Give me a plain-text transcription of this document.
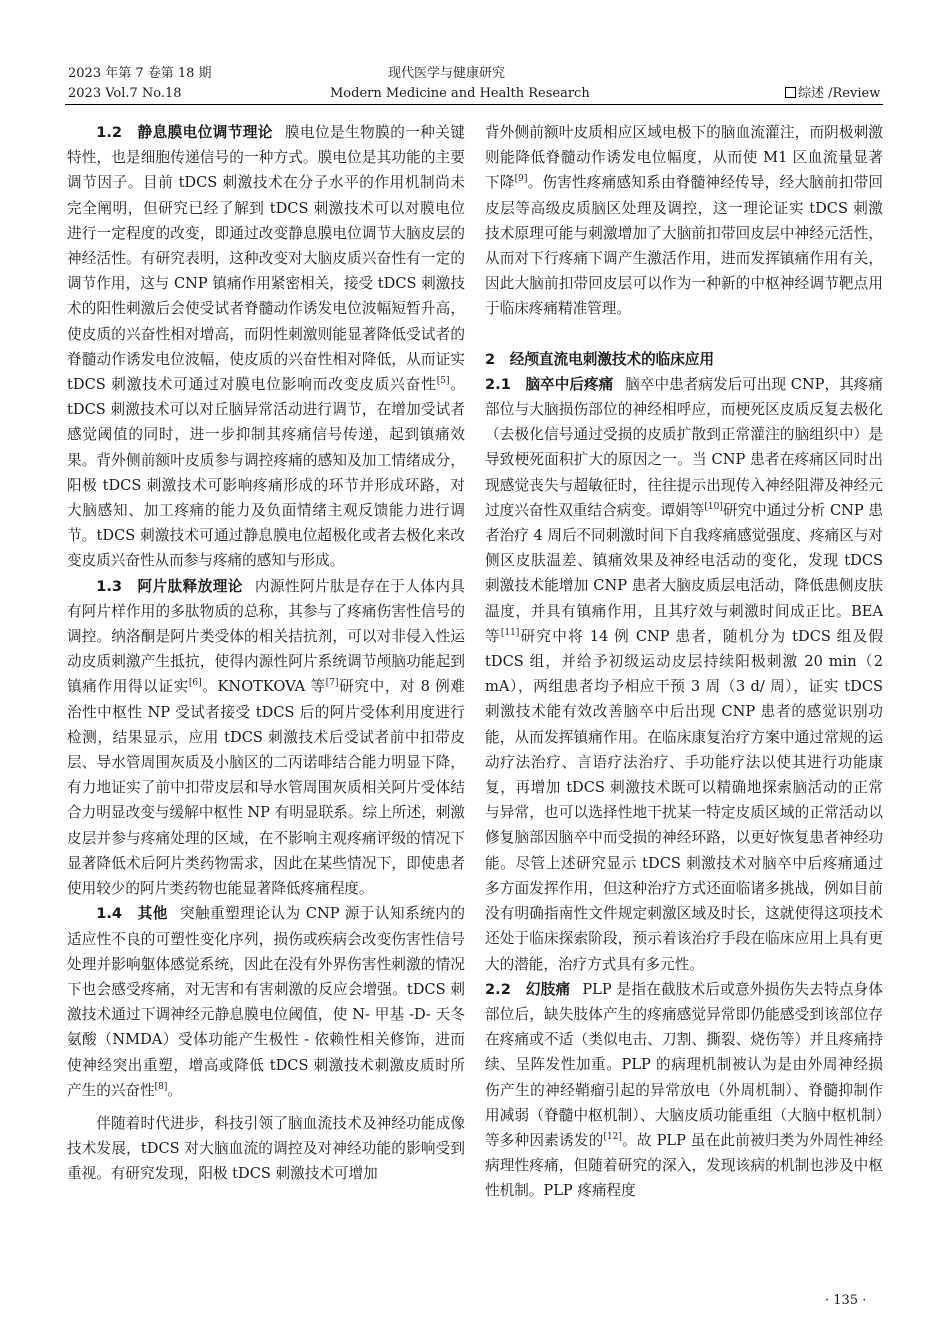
2023 年第 7 卷第 18 期
2023 Vol.7 No.18
现代医学与健康研究
Modern Medicine and Health Research	综述 /Review

1.2　静息膜电位调节理论 膜电位是生物膜的一种关键特性，也是细胞传递信号的一种方式。膜电位是其功能的主要调节因子。目前 tDCS 刺激技术在分子水平的作用机制尚未完全阐明，但研究已经了解到 tDCS 刺激技术可以对膜电位进行一定程度的改变，即通过改变静息膜电位调节大脑皮层的神经活性。有研究表明，这种改变对大脑皮质兴奋性有一定的调节作用，这与 CNP 镇痛作用紧密相关，接受 tDCS 刺激技术的阳性刺激后会使受试者脊髓动作诱发电位波幅短暂升高，使皮质的兴奋性相对增高，而阴性刺激则能显著降低受试者的脊髓动作诱发电位波幅，使皮质的兴奋性相对降低，从而证实 tDCS 刺激技术可通过对膜电位影响而改变皮质兴奋性[5]。tDCS 刺激技术可以对丘脑异常活动进行调节，在增加受试者感觉阈值的同时，进一步抑制其疼痛信号传递，起到镇痛效果。背外侧前额叶皮质参与调控疼痛的感知及加工情绪成分，阳极 tDCS 刺激技术可影响疼痛形成的环节并形成环路，对大脑感知、加工疼痛的能力及负面情绪主观反馈能力进行调节。tDCS 刺激技术可通过静息膜电位超极化或者去极化来改变皮质兴奋性从而参与疼痛的感知与形成。

1.3　阿片肽释放理论 内源性阿片肽是存在于人体内具有阿片样作用的多肽物质的总称，其参与了疼痛伤害性信号的调控。纳洛酮是阿片类受体的相关拮抗剂，可以对非侵入性运动皮质刺激产生抵抗，使得内源性阿片系统调节颅脑功能起到镇痛作用得以证实[6]。KNOTKOVA 等[7]研究中，对 8 例难治性中枢性 NP 受试者接受 tDCS 后的阿片受体利用度进行检测，结果显示，应用 tDCS 刺激技术后受试者前中扣带皮层、导水管周围灰质及小脑区的二丙诺啡结合能力明显下降，有力地证实了前中扣带皮层和导水管周围灰质相关阿片受体结合力明显改变与缓解中枢性 NP 有明显联系。综上所述，刺激皮层并参与疼痛处理的区域，在不影响主观疼痛评级的情况下显著降低术后阿片类药物需求，因此在某些情况下，即使患者使用较少的阿片类药物也能显著降低疼痛程度。

1.4　其他 突触重塑理论认为 CNP 源于认知系统内的适应性不良的可塑性变化序列，损伤或疾病会改变伤害性信号处理并影响躯体感觉系统，因此在没有外界伤害性刺激的情况下也会感受疼痛，对无害和有害刺激的反应会增强。tDCS 刺激技术通过下调神经元静息膜电位阈值，使 N- 甲基 -D- 天冬氨酸（NMDA）受体功能产生极性 - 依赖性相关修饰，进而使神经突出重塑，增高或降低 tDCS 刺激技术刺激皮质时所产生的兴奋性[8]。

伴随着时代进步，科技引领了脑血流技术及神经功能成像技术发展，tDCS 对大脑血流的调控及对神经功能的影响受到重视。有研究发现，阳极 tDCS 刺激技术可增加

背外侧前额叶皮质相应区域电极下的脑血流灌注，而阴极刺激则能降低脊髓动作诱发电位幅度，从而使 M1 区血流量显著下降[9]。伤害性疼痛感知系由脊髓神经传导，经大脑前扣带回皮层等高级皮质脑区处理及调控，这一理论证实 tDCS 刺激技术原理可能与刺激增加了大脑前扣带回皮层中神经元活性，从而对下行疼痛下调产生激活作用，进而发挥镇痛作用有关，因此大脑前扣带回皮层可以作为一种新的中枢神经调节靶点用于临床疼痛精准管理。

2　经颅直流电刺激技术的临床应用

2.1　脑卒中后疼痛 脑卒中患者病发后可出现 CNP，其疼痛部位与大脑损伤部位的神经相呼应，而梗死区皮质反复去极化（去极化信号通过受损的皮质扩散到正常灌注的脑组织中）是导致梗死面积扩大的原因之一。当 CNP 患者在疼痛区同时出现感觉丧失与超敏征时，往往提示出现传入神经阻滞及神经元过度兴奋性双重结合病变。谭娟等[10]研究中通过分析 CNP 患者治疗 4 周后不同刺激时间下自我疼痛感觉强度、疼痛区与对侧区皮肤温差、镇痛效果及神经电活动的变化，发现 tDCS 刺激技术能增加 CNP 患者大脑皮质层电活动，降低患侧皮肤温度，并具有镇痛作用，且其疗效与刺激时间成正比。BEA 等[11]研究中将 14 例 CNP 患者，随机分为 tDCS 组及假 tDCS 组，并给予初级运动皮层持续阳极刺激 20 min（2 mA），两组患者均予相应干预 3 周（3 d/ 周），证实 tDCS 刺激技术能有效改善脑卒中后出现 CNP 患者的感觉识别功能，从而发挥镇痛作用。在临床康复治疗方案中通过常规的运动疗法治疗、言语疗法治疗、手功能疗法以使其进行功能康复，再增加 tDCS 刺激技术既可以精确地探索脑活动的正常与异常，也可以选择性地干扰某一特定皮质区域的正常活动以修复脑部因脑卒中而受损的神经环路，以更好恢复患者神经功能。尽管上述研究显示 tDCS 刺激技术对脑卒中后疼痛通过多方面发挥作用，但这种治疗方式还面临诸多挑战，例如目前没有明确指南性文件规定刺激区域及时长，这就使得这项技术还处于临床探索阶段，预示着该治疗手段在临床应用上具有更大的潜能，治疗方式具有多元性。

2.2　幻肢痛 PLP 是指在截肢术后或意外损伤失去特点身体部位后，缺失肢体产生的疼痛感觉异常即仍能感受到该部位存在疼痛或不适（类似电击、刀割、撕裂、烧伤等）并且疼痛持续、呈阵发性加重。PLP 的病理机制被认为是由外周神经损伤产生的神经鞘瘤引起的异常放电（外周机制）、脊髓抑制作用减弱（脊髓中枢机制）、大脑皮质功能重组（大脑中枢机制）等多种因素诱发的[12]。故 PLP 虽在此前被归类为外周性神经病理性疼痛，但随着研究的深入，发现该病的机制也涉及中枢性机制。PLP 疼痛程度

· 135 ·
